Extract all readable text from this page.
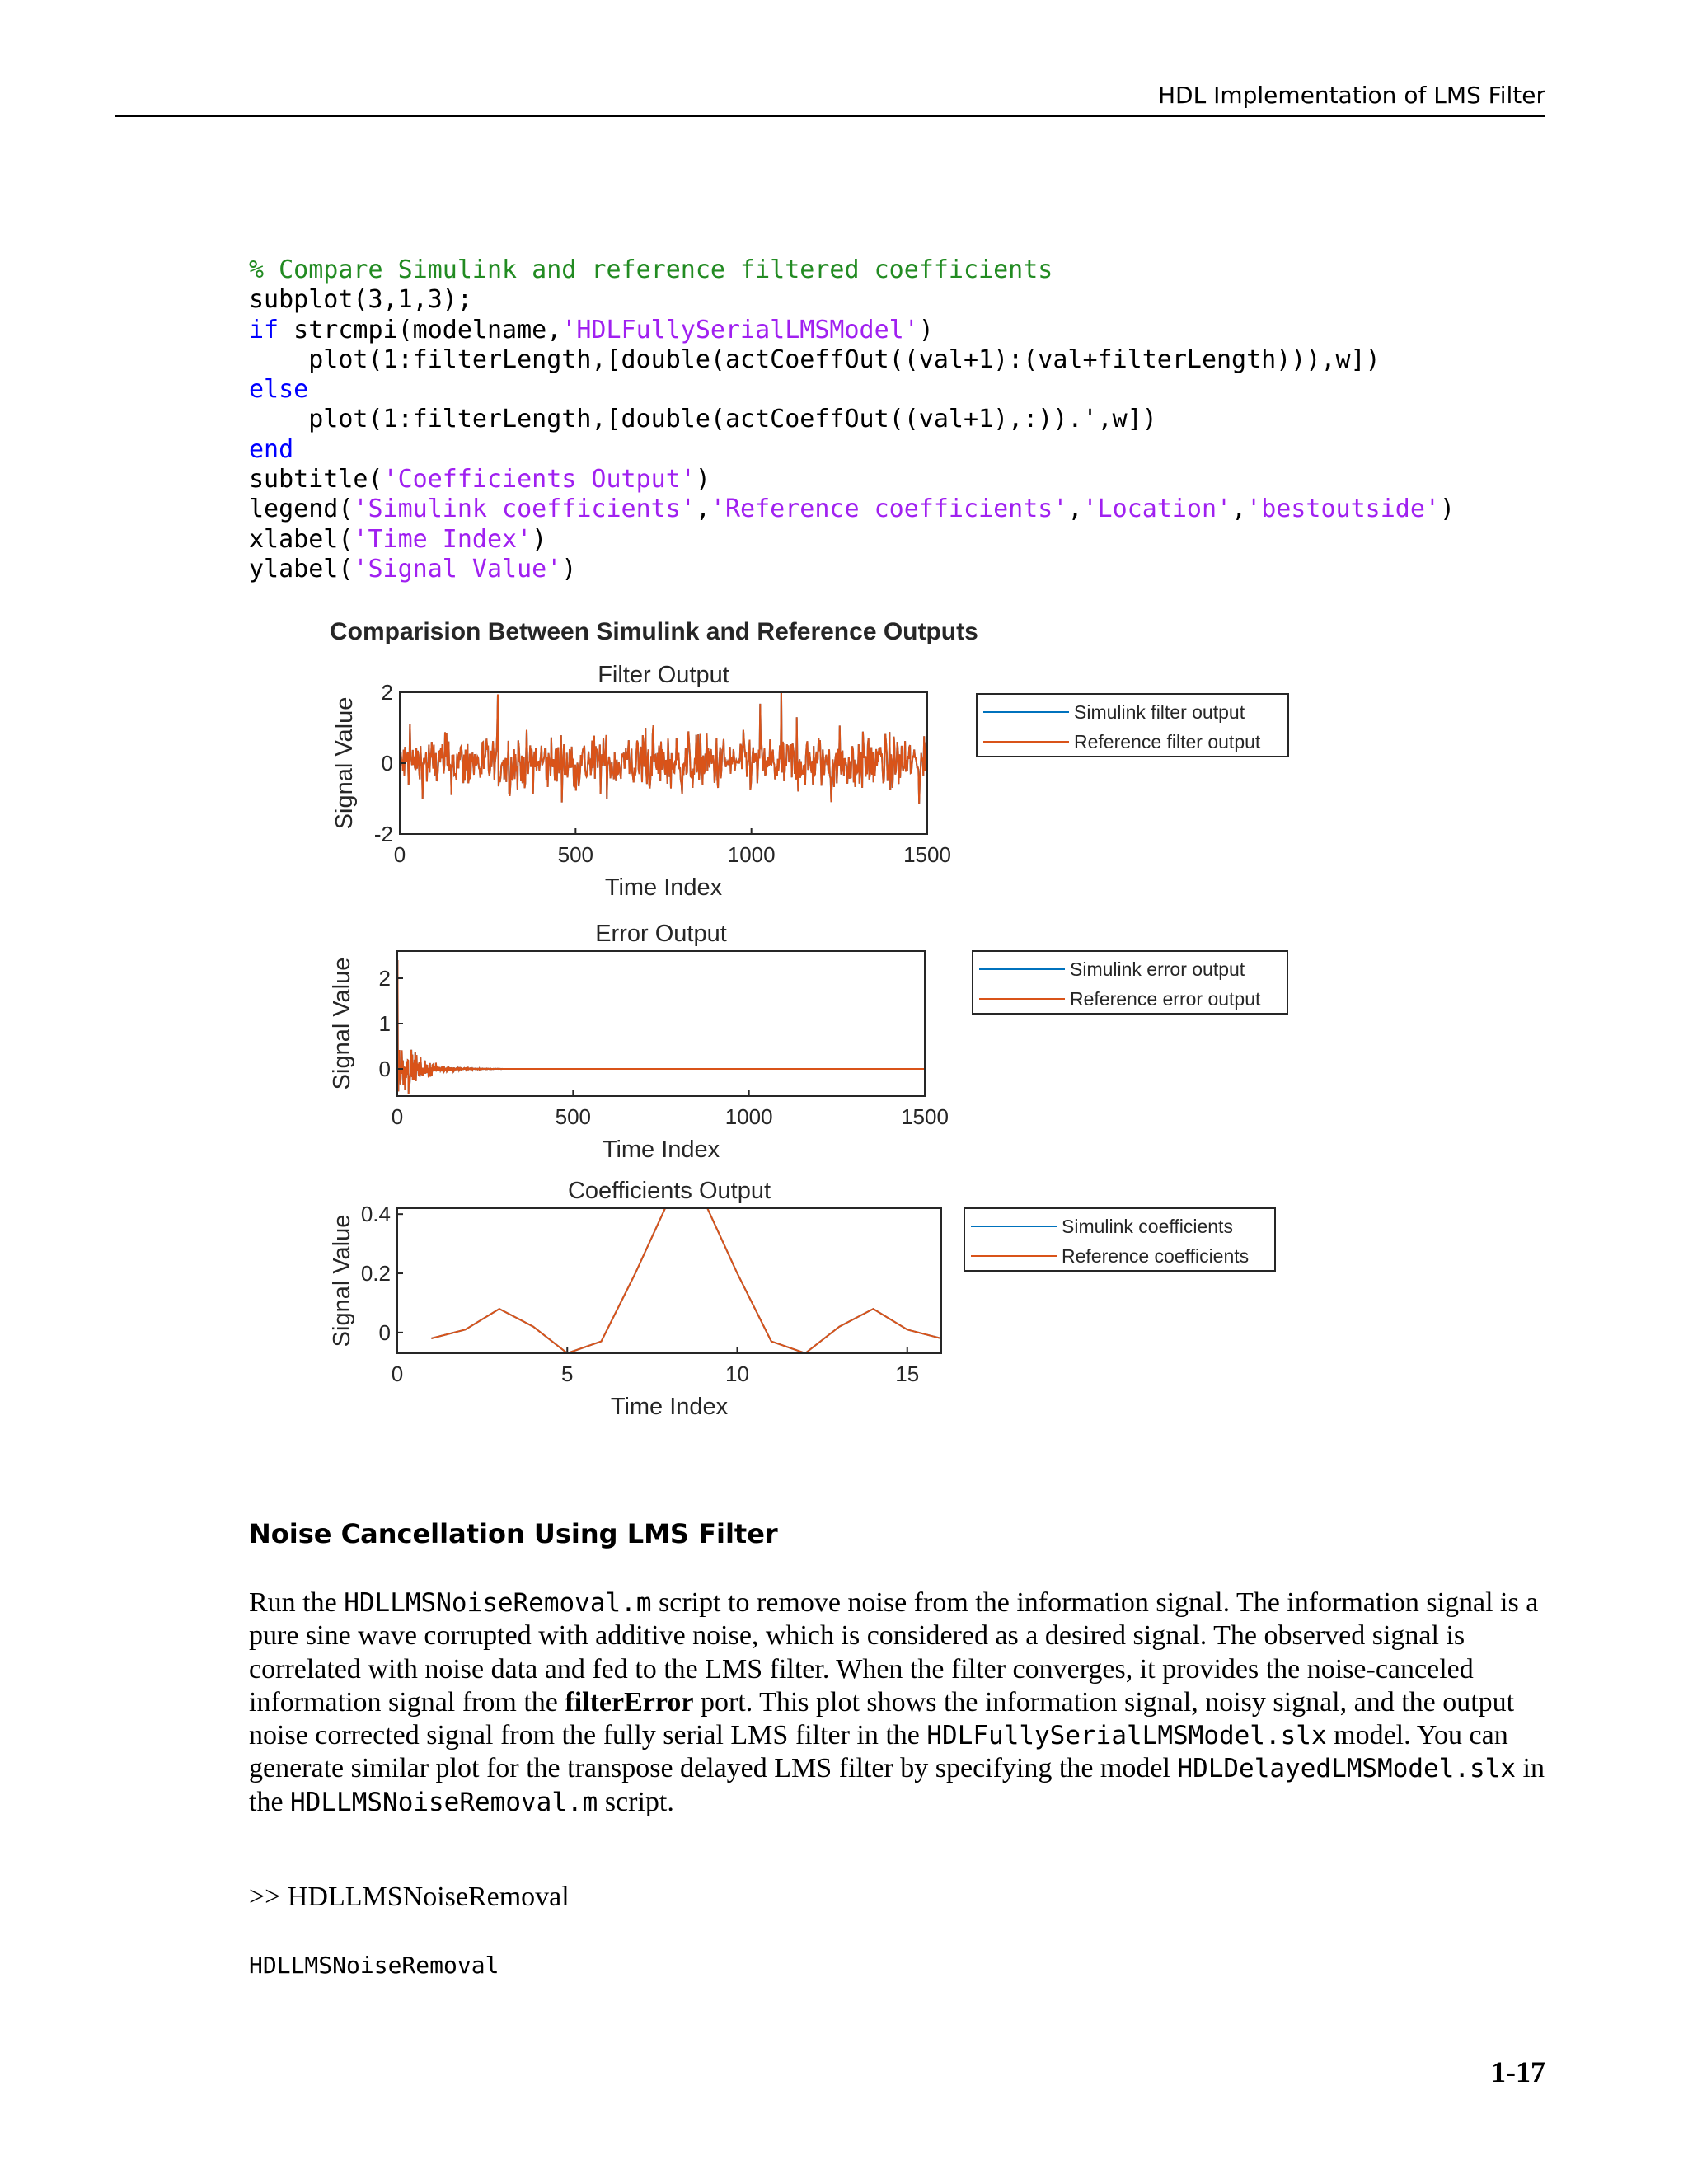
HDL Implementation of LMS Filter
% Compare Simulink and reference filtered coefficients
subplot(3,1,3);
if strcmpi(modelname,'HDLFullySerialLMSModel')
plot(1:filterLength,[double(actCoeffOut((val+1):(val+filterLength))),w])
else
plot(1:filterLength,[double(actCoeffOut((val+1),:)).',w])
end
subtitle('Coefficients Output')
legend('Simulink coefficients','Reference coefficients','Location','bestoutside')
xlabel('Time Index')
ylabel('Signal Value')
Comparision Between Simulink and Reference Outputs
Filter Output
0	500	1000	1500
-2
0
2
Time Index
Signal Value	Simulink filter output
Reference filter output
Error Output
0	500	1000	1500
0
1
2
Time Index
Signal Value	Simulink error output
Reference error output
Coefficients Output
0	5	10	15
0
0.2
0.4
Time Index
Signal Value	Simulink coefficients
Reference coefficients
Noise Cancellation Using LMS Filter
Run the HDLLMSNoiseRemoval.m script to remove noise from the information signal. The information signal is a pure sine wave corrupted with additive noise, which is considered as a desired signal. The observed signal is correlated with noise data and fed to the LMS filter. When the filter converges, it provides the noise-canceled information signal from the filterError port. This plot shows the information signal, noisy signal, and the output noise corrected signal from the fully serial LMS filter in the HDLFullySerialLMSModel.slx model. You can generate similar plot for the transpose delayed LMS filter by specifying the model HDLDelayedLMSModel.slx in the HDLLMSNoiseRemoval.m script.
>> HDLLMSNoiseRemoval
HDLLMSNoiseRemoval
1-17
